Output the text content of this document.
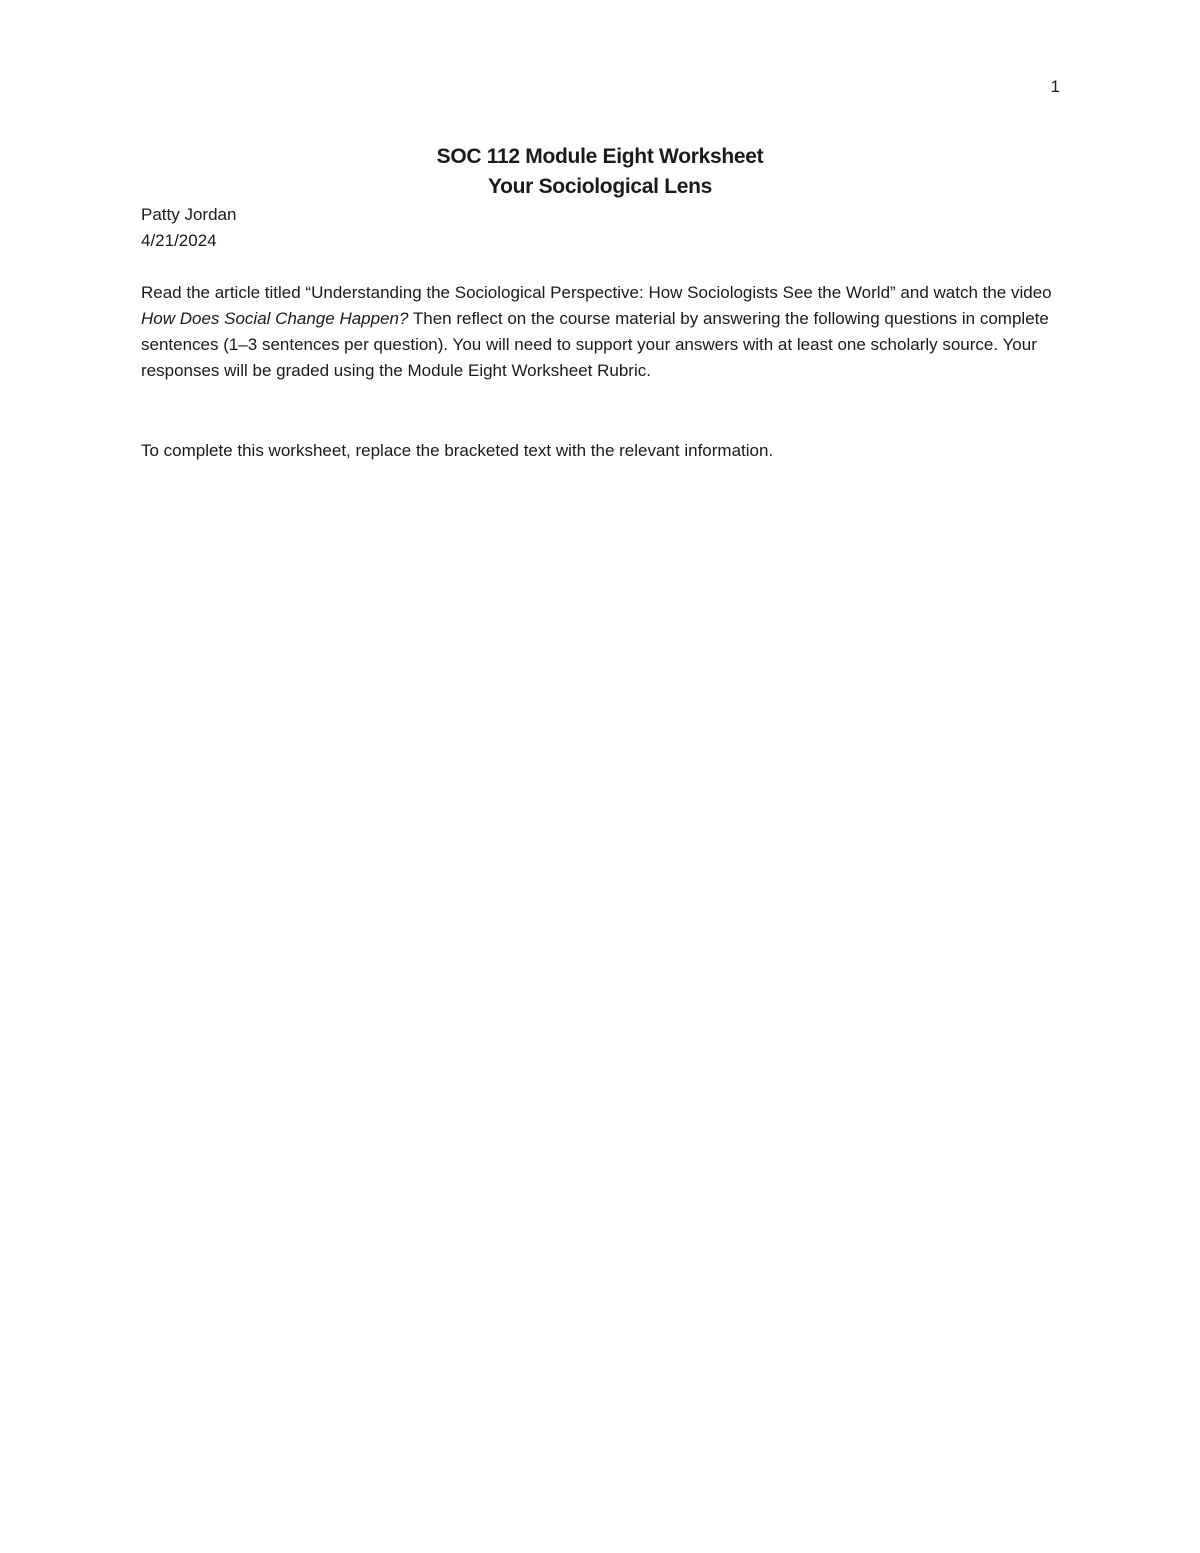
1
SOC 112 Module Eight Worksheet
Your Sociological Lens
Patty Jordan
4/21/2024

Read the article titled “Understanding the Sociological Perspective: How Sociologists See the World” and watch the video How Does Social Change Happen? Then reflect on the course material by answering the following questions in complete sentences (1–3 sentences per question). You will need to support your answers with at least one scholarly source. Your responses will be graded using the Module Eight Worksheet Rubric.

To complete this worksheet, replace the bracketed text with the relevant information.
